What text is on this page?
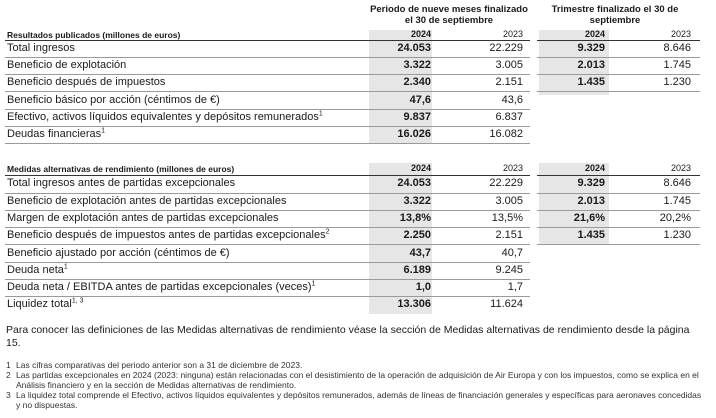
Periodo de nueve meses finalizado el 30 de septiembre
Trimestre finalizado el 30 de septiembre
Resultados publicados (millones de euros)	2024	2023	2024	2023
Total ingresos	24.053	22.229	9.329	8.646
Beneficio de explotación	3.322	3.005	2.013	1.745
Beneficio después de impuestos	2.340	2.151	1.435	1.230
Beneficio básico por acción (céntimos de €)	47,6	43,6
Efectivo, activos líquidos equivalentes y depósitos remunerados$^1$	9.837	6.837
Deudas financieras$^1$	16.026	16.082
Medidas alternativas de rendimiento (millones de euros)	2024	2023	2024	2023
Total ingresos antes de partidas excepcionales	24.053	22.229	9.329	8.646
Beneficio de explotación antes de partidas excepcionales	3.322	3.005	2.013	1.745
Margen de explotación antes de partidas excepcionales	13,8%	13,5%	21,6%	20,2%
Beneficio después de impuestos antes de partidas excepcionales$^2$	2.250	2.151	1.435	1.230
Beneficio ajustado por acción (céntimos de €)	43,7	40,7
Deuda neta$^1$	6.189	9.245
Deuda neta / EBITDA antes de partidas excepcionales (veces)$^1$	1,0	1,7
Liquidez total$^{1, 3}$	13.306	11.624
Para conocer las definiciones de las Medidas alternativas de rendimiento véase la sección de Medidas alternativas de rendimiento desde la página 15.
1 Las cifras comparativas del periodo anterior son a 31 de diciembre de 2023.
2 Las partidas excepcionales en 2024 (2023: ninguna) están relacionadas con el desistimiento de la operación de adquisición de Air Europa y con los impuestos, como se explica en el Análisis financiero y en la sección de Medidas alternativas de rendimiento.
3 La liquidez total comprende el Efectivo, activos líquidos equivalentes y depósitos remunerados, además de líneas de financiación generales y específicas para aeronaves concedidas y no dispuestas.
